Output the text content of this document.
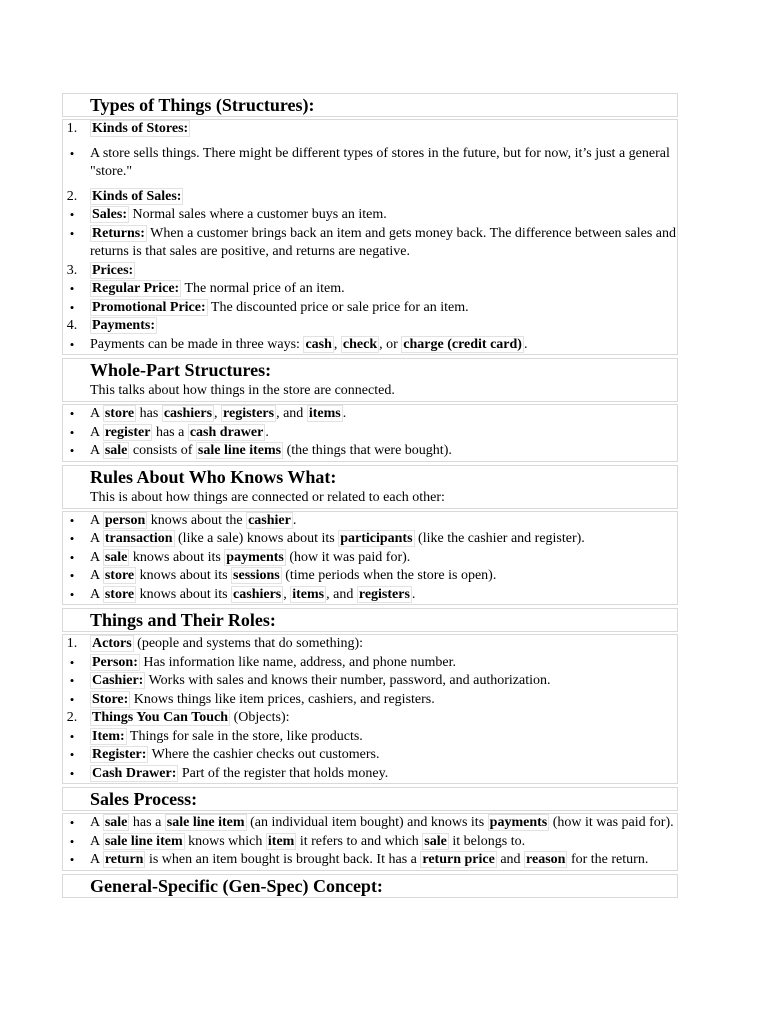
Types of Things (Structures):
1. Kinds of Stores:
•	A store sells things. There might be different types of stores in the future, but for now, it’s just a general "store."
2. Kinds of Sales:
•	Sales: Normal sales where a customer buys an item.
•	Returns: When a customer brings back an item and gets money back. The difference between sales and returns is that sales are positive, and returns are negative.
3. Prices:
•	Regular Price: The normal price of an item.
•	Promotional Price: The discounted price or sale price for an item.
4. Payments:
•	Payments can be made in three ways: cash , check , or charge (credit card) .
Whole-Part Structures:

This talks about how things in the store are connected.

•	A store has cashiers , registers , and items .
•	A register has a cash drawer .
•	A sale consists of sale line items (the things that were bought).
Rules About Who Knows What:

This is about how things are connected or related to each other:

•	A person knows about the cashier .
•	A transaction (like a sale) knows about its participants (like the cashier and register).
•	A sale knows about its payments (how it was paid for).
•	A store knows about its sessions (time periods when the store is open).
•	A store knows about its cashiers , items , and registers .
Things and Their Roles:
1. Actors (people and systems that do something):
•	Person: Has information like name, address, and phone number.
•	Cashier: Works with sales and knows their number, password, and authorization.
•	Store: Knows things like item prices, cashiers, and registers.
2. Things You Can Touch (Objects):
•	Item: Things for sale in the store, like products.
•	Register: Where the cashier checks out customers.
•	Cash Drawer: Part of the register that holds money.
Sales Process:
•	A sale has a sale line item (an individual item bought) and knows its payments (how it was paid for).
•	A sale line item knows which item it refers to and which sale it belongs to.
•	A return is when an item bought is brought back. It has a return price and reason for the return.
General-Specific (Gen-Spec) Concept:
